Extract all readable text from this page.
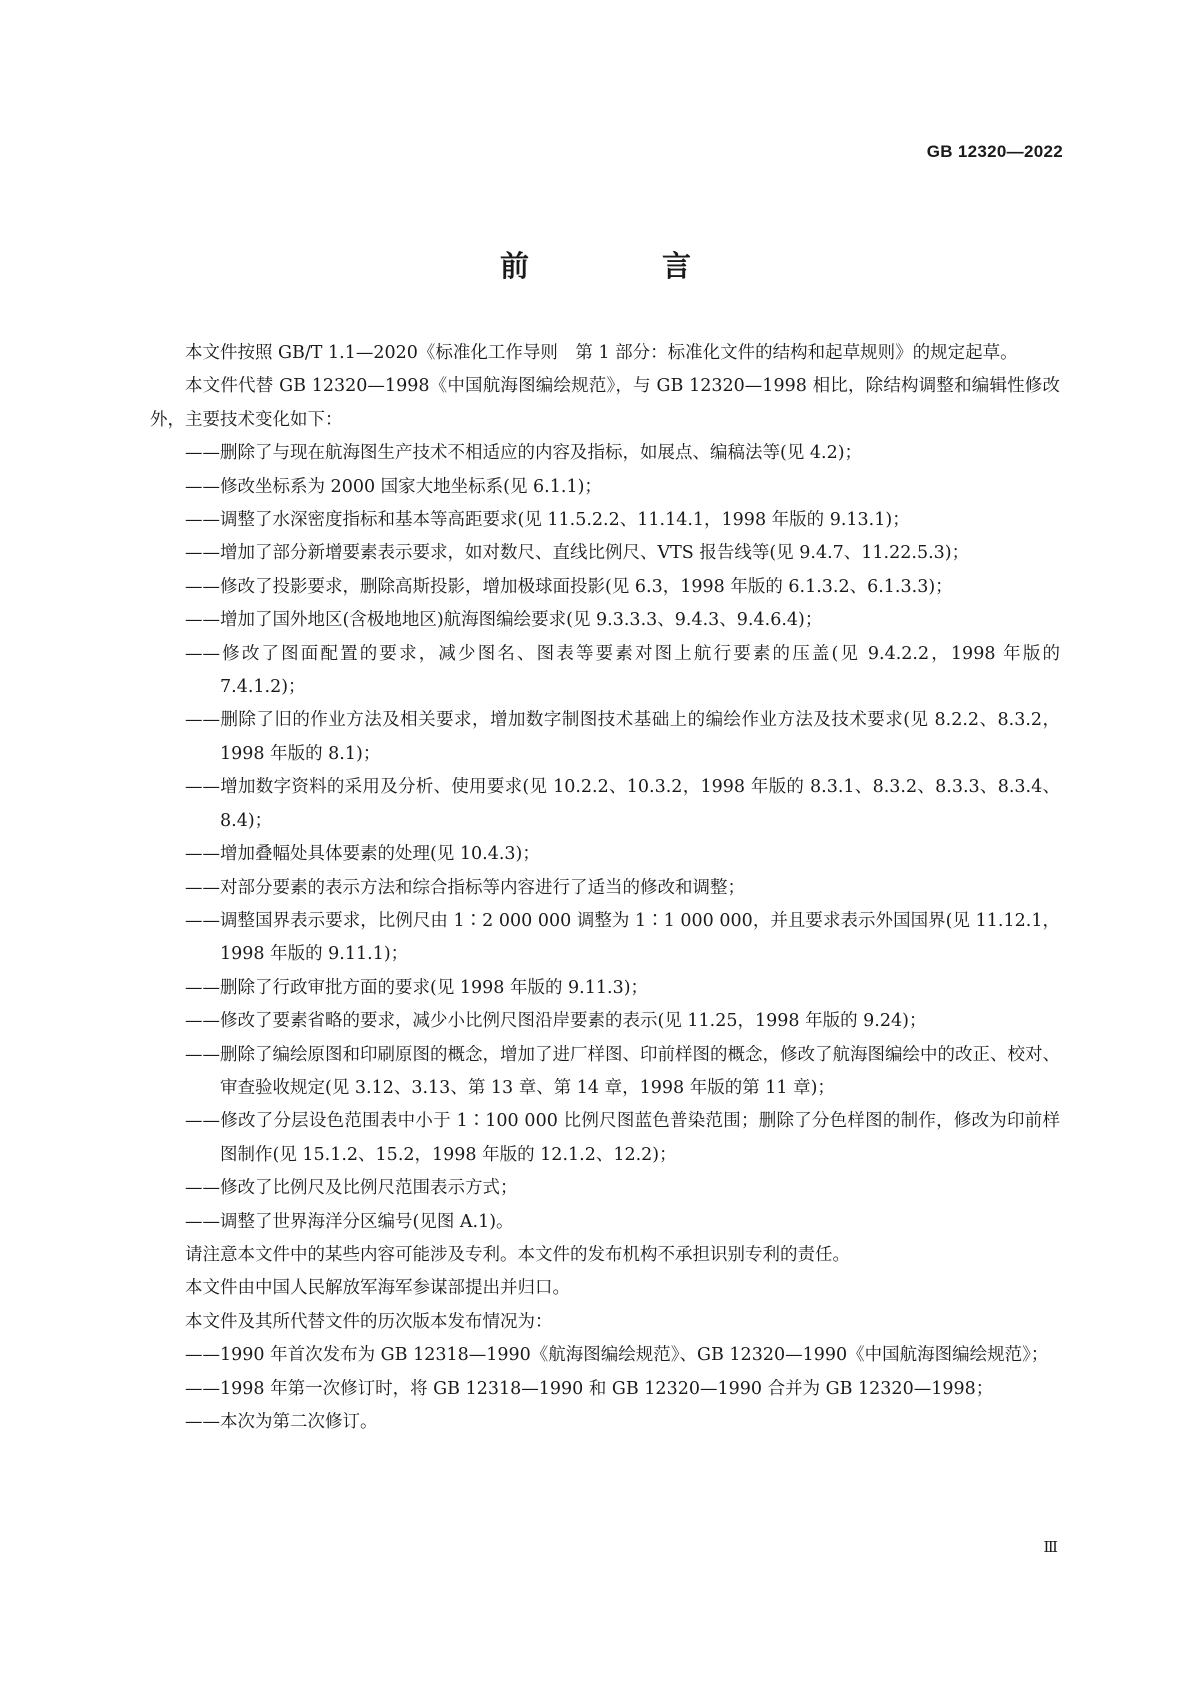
GB 12320—2022
前　言

本文件按照 GB/T 1.1—2020《标准化工作导则　第 1 部分：标准化文件的结构和起草规则》的规定起草。

本文件代替 GB 12320—1998《中国航海图编绘规范》，与 GB 12320—1998 相比，除结构调整和编辑性修改外，主要技术变化如下：

——删除了与现在航海图生产技术不相适应的内容及指标，如展点、编稿法等(见 4.2)；

——修改坐标系为 2000 国家大地坐标系(见 6.1.1)；

——调整了水深密度指标和基本等高距要求(见 11.5.2.2、11.14.1，1998 年版的 9.13.1)；

——增加了部分新增要素表示要求，如对数尺、直线比例尺、VTS 报告线等(见 9.4.7、11.22.5.3)；

——修改了投影要求，删除高斯投影，增加极球面投影(见 6.3，1998 年版的 6.1.3.2、6.1.3.3)；

——增加了国外地区(含极地地区)航海图编绘要求(见 9.3.3.3、9.4.3、9.4.6.4)；

——修改了图面配置的要求，减少图名、图表等要素对图上航行要素的压盖(见 9.4.2.2，1998 年版的 7.4.1.2)；

——删除了旧的作业方法及相关要求，增加数字制图技术基础上的编绘作业方法及技术要求(见 8.2.2、8.3.2，1998 年版的 8.1)；

——增加数字资料的采用及分析、使用要求(见 10.2.2、10.3.2，1998 年版的 8.3.1、8.3.2、8.3.3、8.3.4、8.4)；

——增加叠幅处具体要素的处理(见 10.4.3)；

——对部分要素的表示方法和综合指标等内容进行了适当的修改和调整；

——调整国界表示要求，比例尺由 1∶2 000 000 调整为 1∶1 000 000，并且要求表示外国国界(见 11.12.1，1998 年版的 9.11.1)；

——删除了行政审批方面的要求(见 1998 年版的 9.11.3)；

——修改了要素省略的要求，减少小比例尺图沿岸要素的表示(见 11.25，1998 年版的 9.24)；

——删除了编绘原图和印刷原图的概念，增加了进厂样图、印前样图的概念，修改了航海图编绘中的改正、校对、审查验收规定(见 3.12、3.13、第 13 章、第 14 章，1998 年版的第 11 章)；

——修改了分层设色范围表中小于 1∶100 000 比例尺图蓝色普染范围；删除了分色样图的制作，修改为印前样图制作(见 15.1.2、15.2，1998 年版的 12.1.2、12.2)；

——修改了比例尺及比例尺范围表示方式；

——调整了世界海洋分区编号(见图 A.1)。

请注意本文件中的某些内容可能涉及专利。本文件的发布机构不承担识别专利的责任。

本文件由中国人民解放军海军参谋部提出并归口。

本文件及其所代替文件的历次版本发布情况为：

——1990 年首次发布为 GB 12318—1990《航海图编绘规范》、GB 12320—1990《中国航海图编绘规范》；

——1998 年第一次修订时，将 GB 12318—1990 和 GB 12320—1990 合并为 GB 12320—1998；

——本次为第二次修订。

Ⅲ
